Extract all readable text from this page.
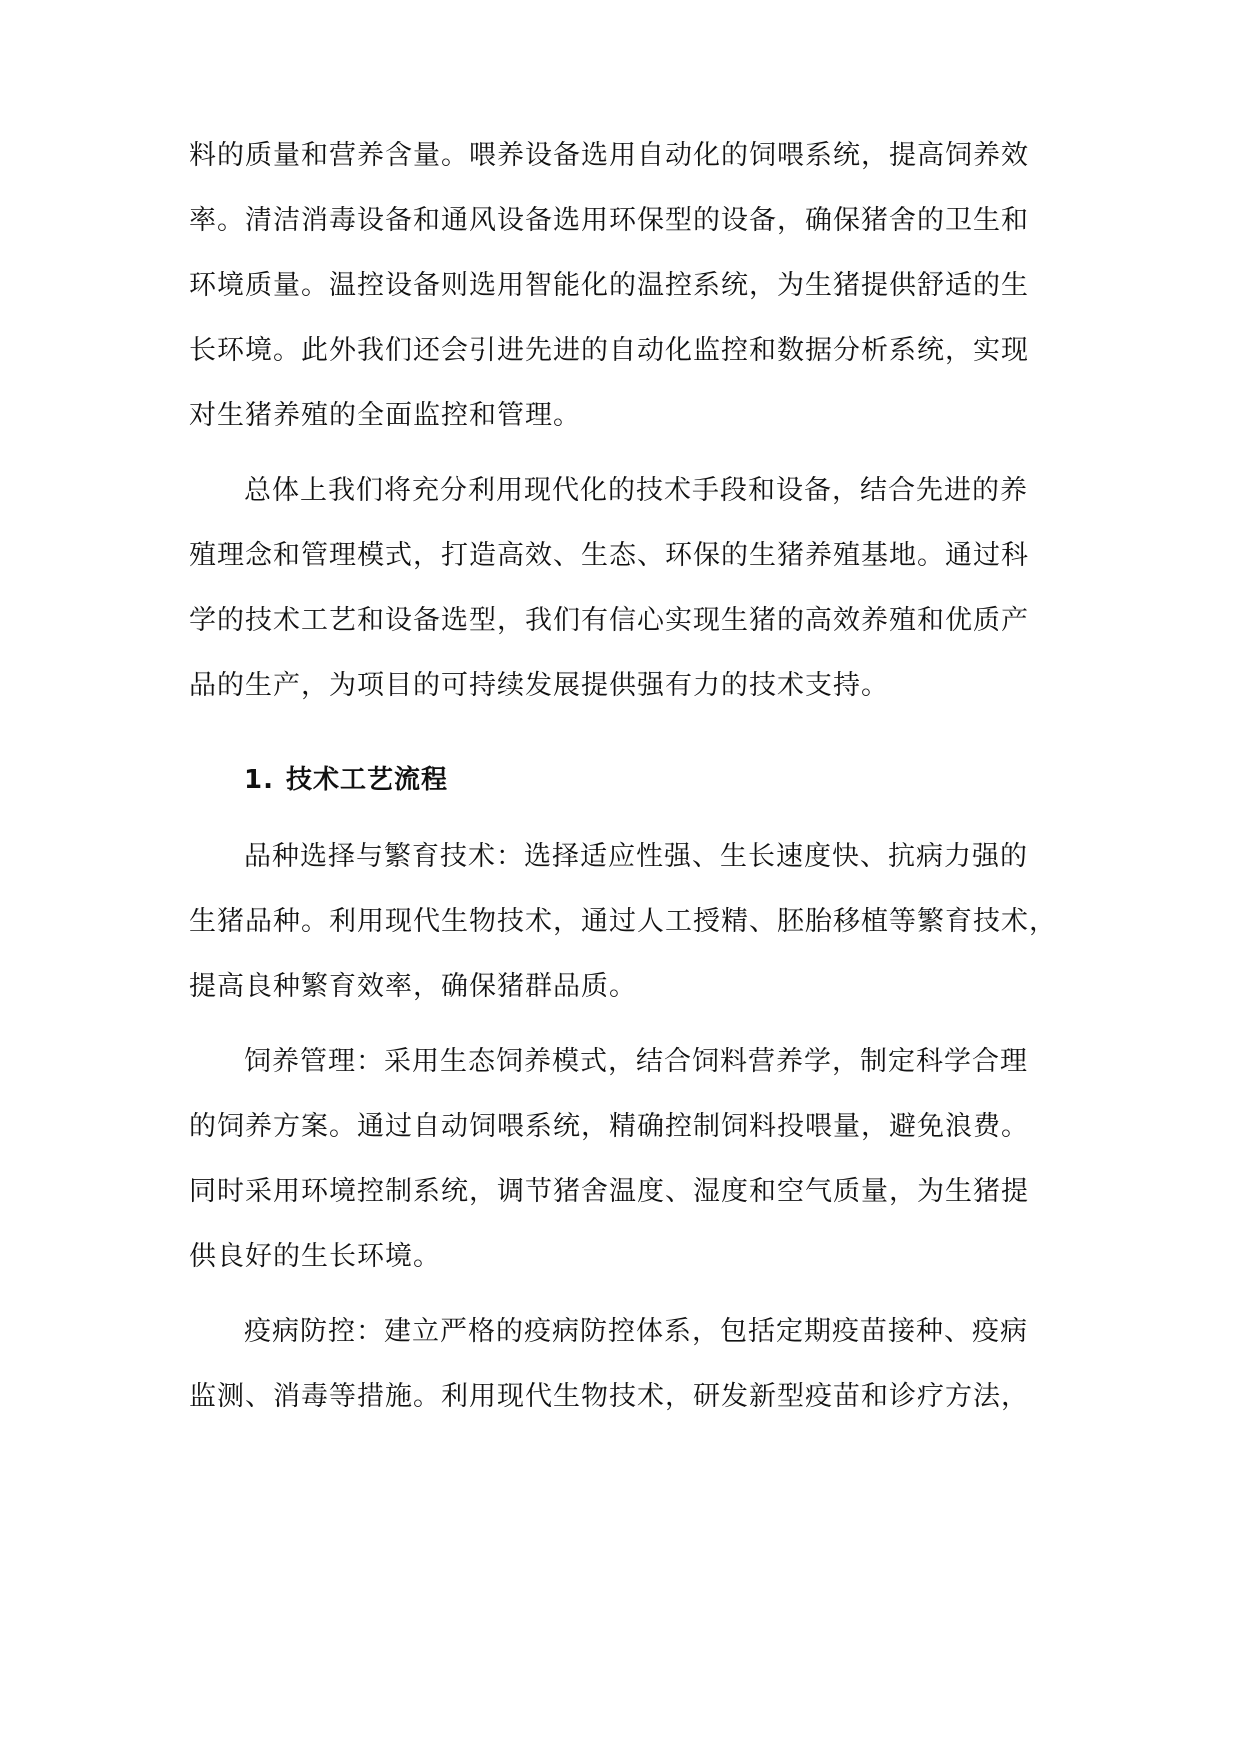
料的质量和营养含量。喂养设备选用自动化的饲喂系统，提高饲养效
率。清洁消毒设备和通风设备选用环保型的设备，确保猪舍的卫生和
环境质量。温控设备则选用智能化的温控系统，为生猪提供舒适的生
长环境。此外我们还会引进先进的自动化监控和数据分析系统，实现
对生猪养殖的全面监控和管理。
总体上我们将充分利用现代化的技术手段和设备，结合先进的养
殖理念和管理模式，打造高效、生态、环保的生猪养殖基地。通过科
学的技术工艺和设备选型，我们有信心实现生猪的高效养殖和优质产
品的生产，为项目的可持续发展提供强有力的技术支持。
1. 技术工艺流程
品种选择与繁育技术：选择适应性强、生长速度快、抗病力强的
生猪品种。利用现代生物技术，通过人工授精、胚胎移植等繁育技术，
提高良种繁育效率，确保猪群品质。
饲养管理：采用生态饲养模式，结合饲料营养学，制定科学合理
的饲养方案。通过自动饲喂系统，精确控制饲料投喂量，避免浪费。
同时采用环境控制系统，调节猪舍温度、湿度和空气质量，为生猪提
供良好的生长环境。
疫病防控：建立严格的疫病防控体系，包括定期疫苗接种、疫病
监测、消毒等措施。利用现代生物技术，研发新型疫苗和诊疗方法，
